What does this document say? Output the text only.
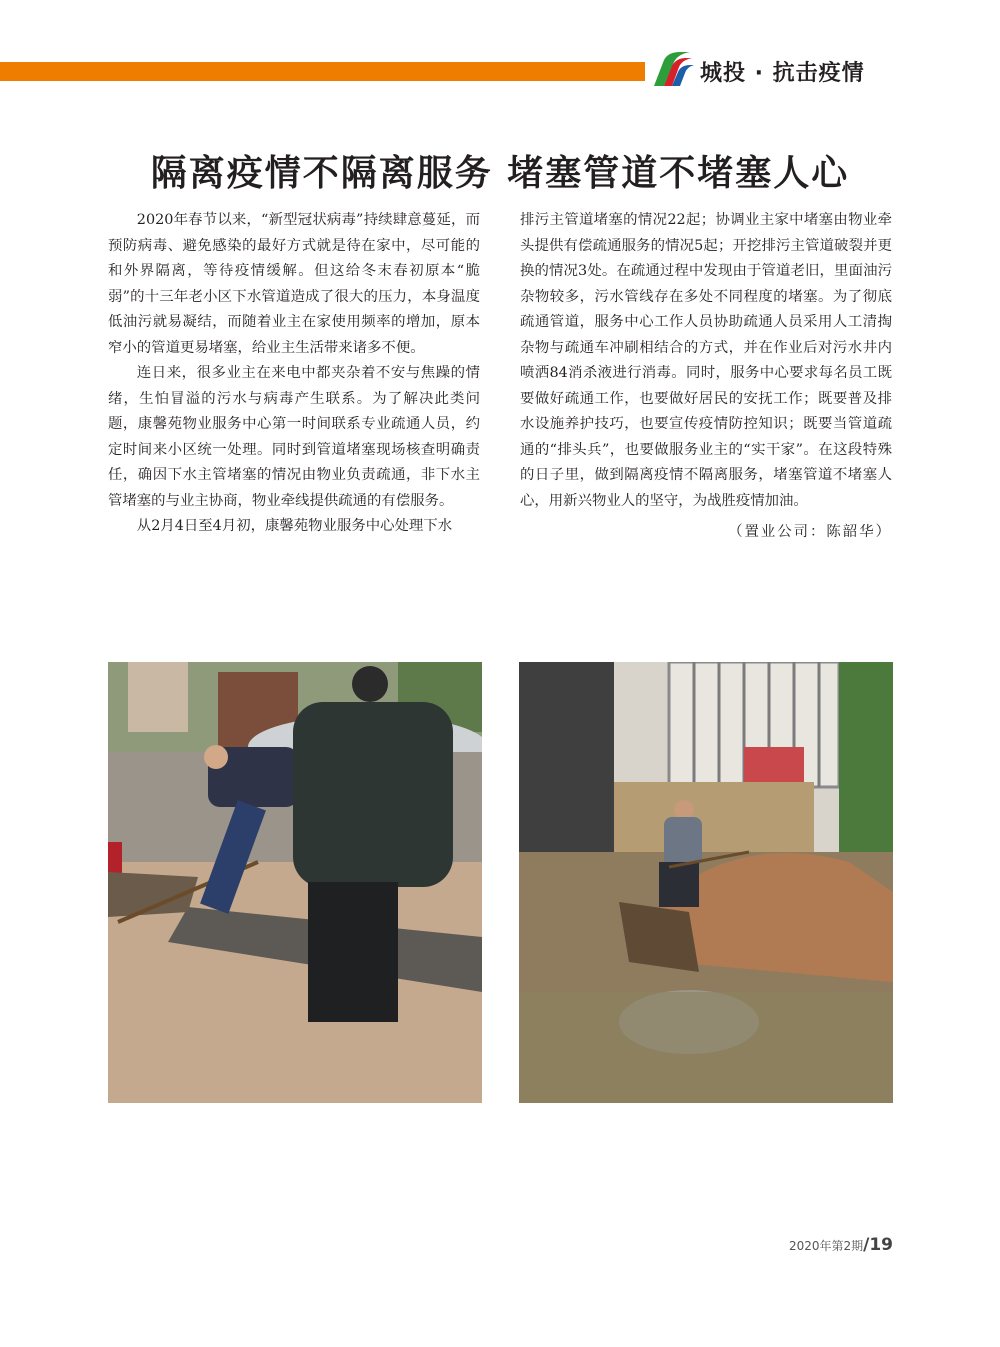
城投 · 抗击疫情
隔离疫情不隔离服务 堵塞管道不堵塞人心

2020年春节以来，“新型冠状病毒”持续肆意蔓延，而预防病毒、避免感染的最好方式就是待在家中，尽可能的和外界隔离，等待疫情缓解。但这给冬末春初原本“脆弱”的十三年老小区下水管道造成了很大的压力，本身温度低油污就易凝结，而随着业主在家使用频率的增加，原本窄小的管道更易堵塞，给业主生活带来诸多不便。

连日来，很多业主在来电中都夹杂着不安与焦躁的情绪，生怕冒溢的污水与病毒产生联系。为了解决此类问题，康馨苑物业服务中心第一时间联系专业疏通人员，约定时间来小区统一处理。同时到管道堵塞现场核查明确责任，确因下水主管堵塞的情况由物业负责疏通，非下水主管堵塞的与业主协商，物业牵线提供疏通的有偿服务。

从2月4日至4月初，康馨苑物业服务中心处理下水

排污主管道堵塞的情况22起；协调业主家中堵塞由物业牵头提供有偿疏通服务的情况5起；开挖排污主管道破裂并更换的情况3处。在疏通过程中发现由于管道老旧，里面油污杂物较多，污水管线存在多处不同程度的堵塞。为了彻底疏通管道，服务中心工作人员协助疏通人员采用人工清掏杂物与疏通车冲刷相结合的方式，并在作业后对污水井内喷洒84消杀液进行消毒。同时，服务中心要求每名员工既要做好疏通工作，也要做好居民的安抚工作；既要普及排水设施养护技巧，也要宣传疫情防控知识；既要当管道疏通的“排头兵”，也要做服务业主的“实干家”。在这段特殊的日子里，做到隔离疫情不隔离服务，堵塞管道不堵塞人心，用新兴物业人的坚守，为战胜疫情加油。

（置业公司：陈韶华）

2020年第2期/19
